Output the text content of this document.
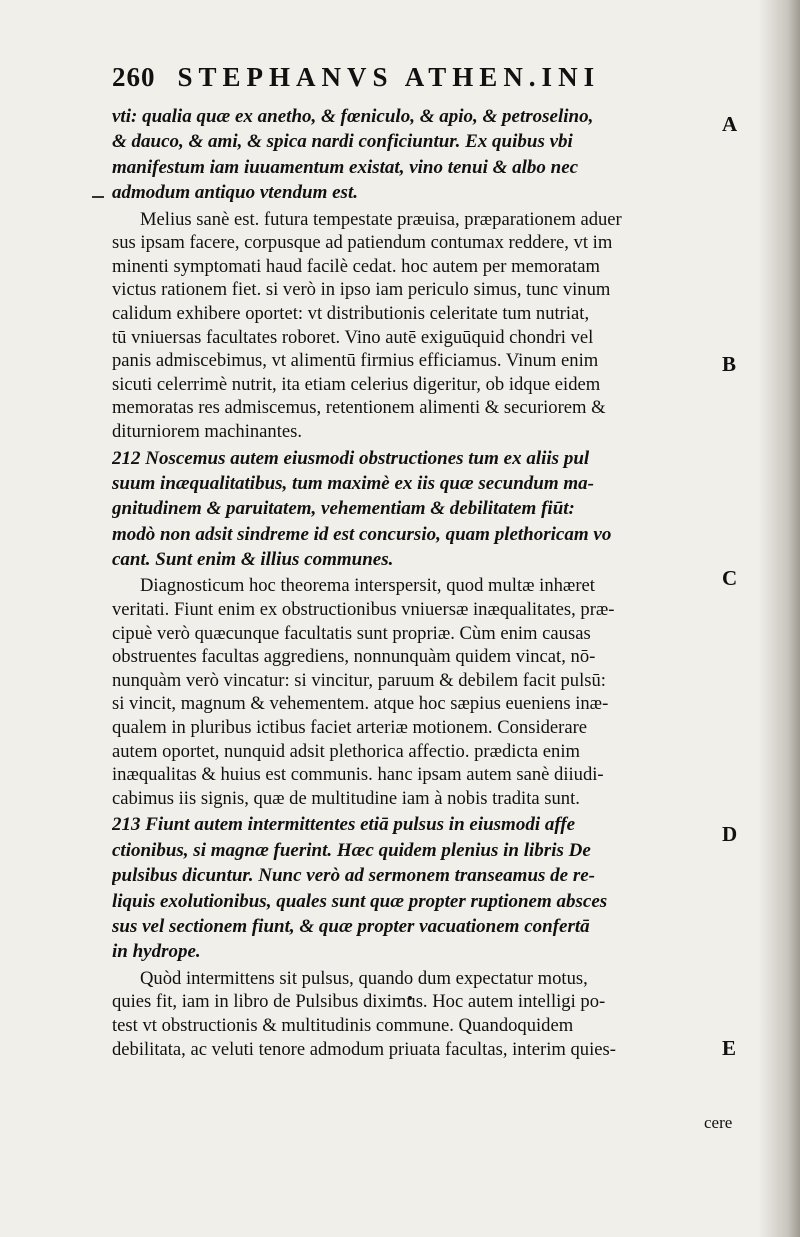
260 STEPHANVS ATHEN.INI
vti: qualia quæ ex anetho, & fœniculo, & apio, & petroselino,
& dauco, & ami, & spica nardi conficiuntur. Ex quibus vbi
manifestum iam iuuamentum existat, vino tenui & albo nec
admodum antiquo vtendum est.
Melius sanè est. futura tempestate præuisa, præparationem aduer
sus ipsam facere, corpusque ad patiendum contumax reddere, vt im
minenti symptomati haud facilè cedat. hoc autem per memoratam
victus rationem fiet. si verò in ipso iam periculo simus, tunc vinum
calidum exhibere oportet: vt distributionis celeritate tum nutriat,
tū vniuersas facultates roboret. Vino autē exiguūquid chondri vel
panis admiscebimus, vt alimentū firmius efficiamus. Vinum enim
sicuti celerrimè nutrit, ita etiam celerius digeritur, ob idque eidem
memoratas res admiscemus, retentionem alimenti & securiorem &
diturniorem machinantes.
212 Noscemus autem eiusmodi obstructiones tum ex aliis pul
suum inæqualitatibus, tum maximè ex iis quæ secundum ma-
gnitudinem & paruitatem, vehementiam & debilitatem fiūt:
modò non adsit sindreme id est concursio, quam plethoricam vo
cant. Sunt enim & illius communes.
Diagnosticum hoc theorema interspersit, quod multæ inhæret
veritati. Fiunt enim ex obstructionibus vniuersæ inæqualitates, præ-
cipuè verò quæcunque facultatis sunt propriæ. Cùm enim causas
obstruentes facultas aggrediens, nonnunquàm quidem vincat, nō-
nunquàm verò vincatur: si vincitur, paruum & debilem facit pulsū:
si vincit, magnum & vehementem. atque hoc sæpius eueniens inæ-
qualem in pluribus ictibus faciet arteriæ motionem. Considerare
autem oportet, nunquid adsit plethorica affectio. prædicta enim
inæqualitas & huius est communis. hanc ipsam autem sanè diiudi-
cabimus iis signis, quæ de multitudine iam à nobis tradita sunt.
213 Fiunt autem intermittentes etiā pulsus in eiusmodi affe
ctionibus, si magnæ fuerint. Hæc quidem plenius in libris De
pulsibus dicuntur. Nunc verò ad sermonem transeamus de re-
liquis exolutionibus, quales sunt quæ propter ruptionem absces
sus vel sectionem fiunt, & quæ propter vacuationem confertā
in hydrope.
Quòd intermittens sit pulsus, quando dum expectatur motus,
quies fit, iam in libro de Pulsibus diximus. Hoc autem intelligi po-
test vt obstructionis & multitudinis commune. Quandoquidem
debilitata, ac veluti tenore admodum priuata facultas, interim quies-
A
B
C
D
E
cere
